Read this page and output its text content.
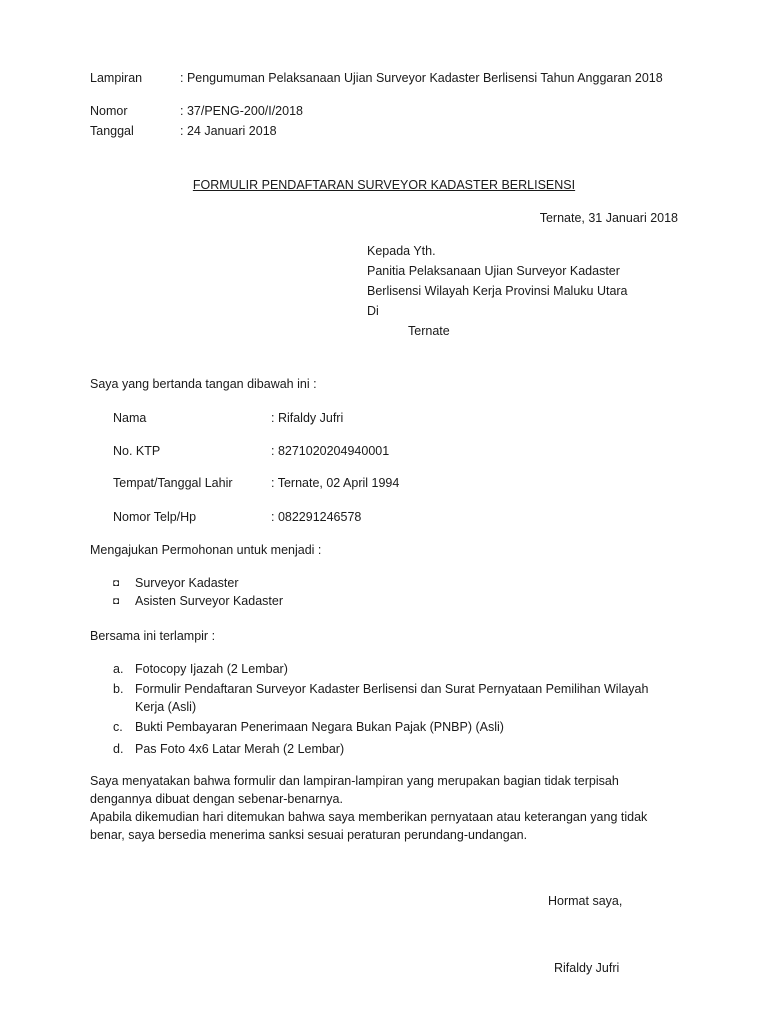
Lampiran	: Pengumuman Pelaksanaan Ujian Surveyor Kadaster Berlisensi Tahun Anggaran 2018
Nomor	: 37/PENG-200/I/2018
Tanggal	: 24 Januari 2018
FORMULIR PENDAFTARAN SURVEYOR KADASTER BERLISENSI
Ternate, 31 Januari 2018
Kepada Yth.
Panitia Pelaksanaan Ujian Surveyor Kadaster
Berlisensi Wilayah Kerja Provinsi Maluku Utara
Di
Ternate
Saya yang bertanda tangan dibawah ini :
Nama	: Rifaldy Jufri
No. KTP	: 8271020204940001
Tempat/Tanggal Lahir	: Ternate, 02 April 1994
Nomor Telp/Hp	: 082291246578
Mengajukan Permohonan untuk menjadi :
◘ Surveyor Kadaster
◘ Asisten Surveyor Kadaster
Bersama ini terlampir :
a. Fotocopy Ijazah (2 Lembar)
b. Formulir Pendaftaran Surveyor Kadaster Berlisensi dan Surat Pernyataan Pemilihan Wilayah
Kerja (Asli)
c. Bukti Pembayaran Penerimaan Negara Bukan Pajak (PNBP) (Asli)
d. Pas Foto 4x6 Latar Merah (2 Lembar)
Saya menyatakan bahwa formulir dan lampiran-lampiran yang merupakan bagian tidak terpisah
dengannya dibuat dengan sebenar-benarnya.
Apabila dikemudian hari ditemukan bahwa saya memberikan pernyataan atau keterangan yang tidak
benar, saya bersedia menerima sanksi sesuai peraturan perundang-undangan.
Hormat saya,
Rifaldy Jufri
